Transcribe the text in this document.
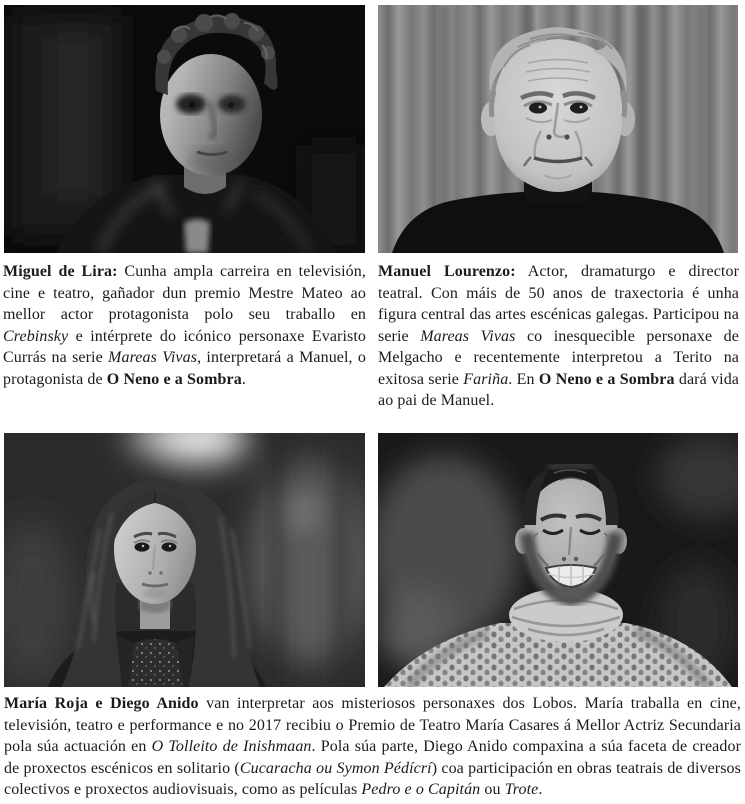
Miguel de Lira: Cunha ampla carreira en televisión, cine e teatro, gañador dun premio Mestre Mateo ao mellor actor protagonista polo seu traballo en Crebinsky e intérprete do icónico personaxe Evaristo Currás na serie Mareas Vivas, interpretará a Manuel, o protagonista de O Neno e a Sombra.

Manuel Lourenzo: Actor, dramaturgo e director teatral. Con máis de 50 anos de traxectoria é unha figura central das artes escénicas galegas. Participou na serie Mareas Vivas co inesquecible personaxe de Melgacho e recentemente interpretou a Terito na exitosa serie Fariña. En O Neno e a Sombra dará vida ao pai de Manuel.

María Roja e Diego Anido van interpretar aos misteriosos personaxes dos Lobos. María traballa en cine, televisión, teatro e performance e no 2017 recibiu o Premio de Teatro María Casares á Mellor Actriz Secundaria pola súa actuación en O Tolleito de Inishmaan. Pola súa parte, Diego Anido compaxina a súa faceta de creador de proxectos escénicos en solitario (Cucaracha ou Symon Pédícrí) coa participación en obras teatrais de diversos colectivos e proxectos audiovisuais, como as películas Pedro e o Capitán ou Trote.
